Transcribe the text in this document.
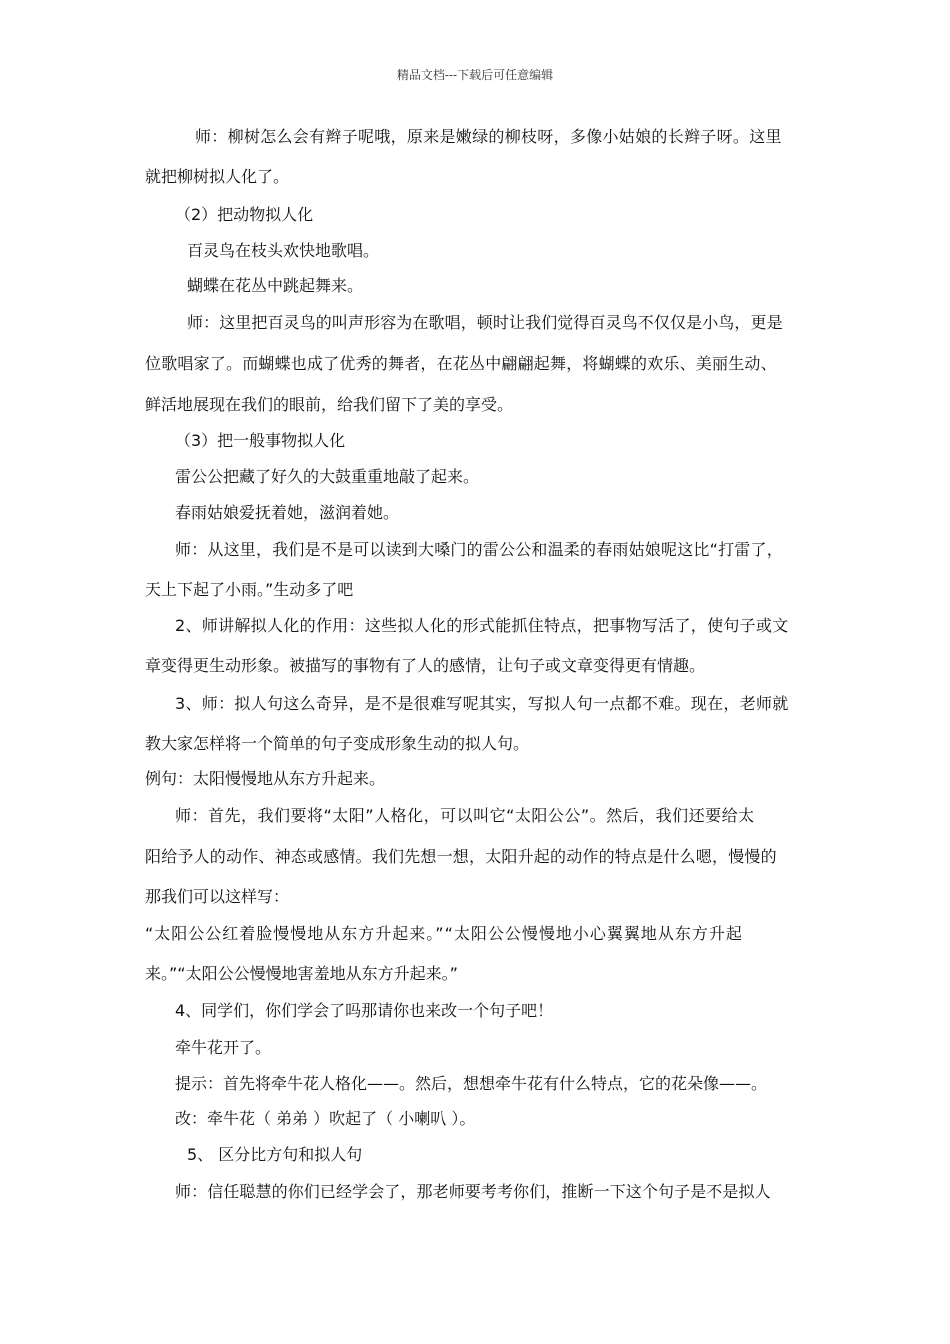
精品文档---下载后可任意编辑
师：柳树怎么会有辫子呢哦，原来是嫩绿的柳枝呀，多像小姑娘的长辫子呀。这里
就把柳树拟人化了。
（2）把动物拟人化
百灵鸟在枝头欢快地歌唱。
蝴蝶在花丛中跳起舞来。
师：这里把百灵鸟的叫声形容为在歌唱，顿时让我们觉得百灵鸟不仅仅是小鸟，更是
位歌唱家了。而蝴蝶也成了优秀的舞者，在花丛中翩翩起舞，将蝴蝶的欢乐、美丽生动、
鲜活地展现在我们的眼前，给我们留下了美的享受。
（3）把一般事物拟人化
雷公公把藏了好久的大鼓重重地敲了起来。
春雨姑娘爱抚着她，滋润着她。
师：从这里，我们是不是可以读到大嗓门的雷公公和温柔的春雨姑娘呢这比“打雷了，
天上下起了小雨。”生动多了吧
2、师讲解拟人化的作用：这些拟人化的形式能抓住特点，把事物写活了，使句子或文
章变得更生动形象。被描写的事物有了人的感情，让句子或文章变得更有情趣。
3、师：拟人句这么奇异，是不是很难写呢其实，写拟人句一点都不难。现在，老师就
教大家怎样将一个简单的句子变成形象生动的拟人句。
例句：太阳慢慢地从东方升起来。
师：首先，我们要将“太阳”人格化，可以叫它“太阳公公”。然后，我们还要给太
阳给予人的动作、神态或感情。我们先想一想，太阳升起的动作的特点是什么嗯，慢慢的
那我们可以这样写：
“太阳公公红着脸慢慢地从东方升起来。”“太阳公公慢慢地小心翼翼地从东方升起
来。”“太阳公公慢慢地害羞地从东方升起来。”
4、同学们，你们学会了吗那请你也来改一个句子吧！
牵牛花开了。
提示：首先将牵牛花人格化——。然后，想想牵牛花有什么特点，它的花朵像——。
改：牵牛花（ 弟弟 ）吹起了（ 小喇叭 ）。
5、 区分比方句和拟人句
师：信任聪慧的你们已经学会了，那老师要考考你们，推断一下这个句子是不是拟人
